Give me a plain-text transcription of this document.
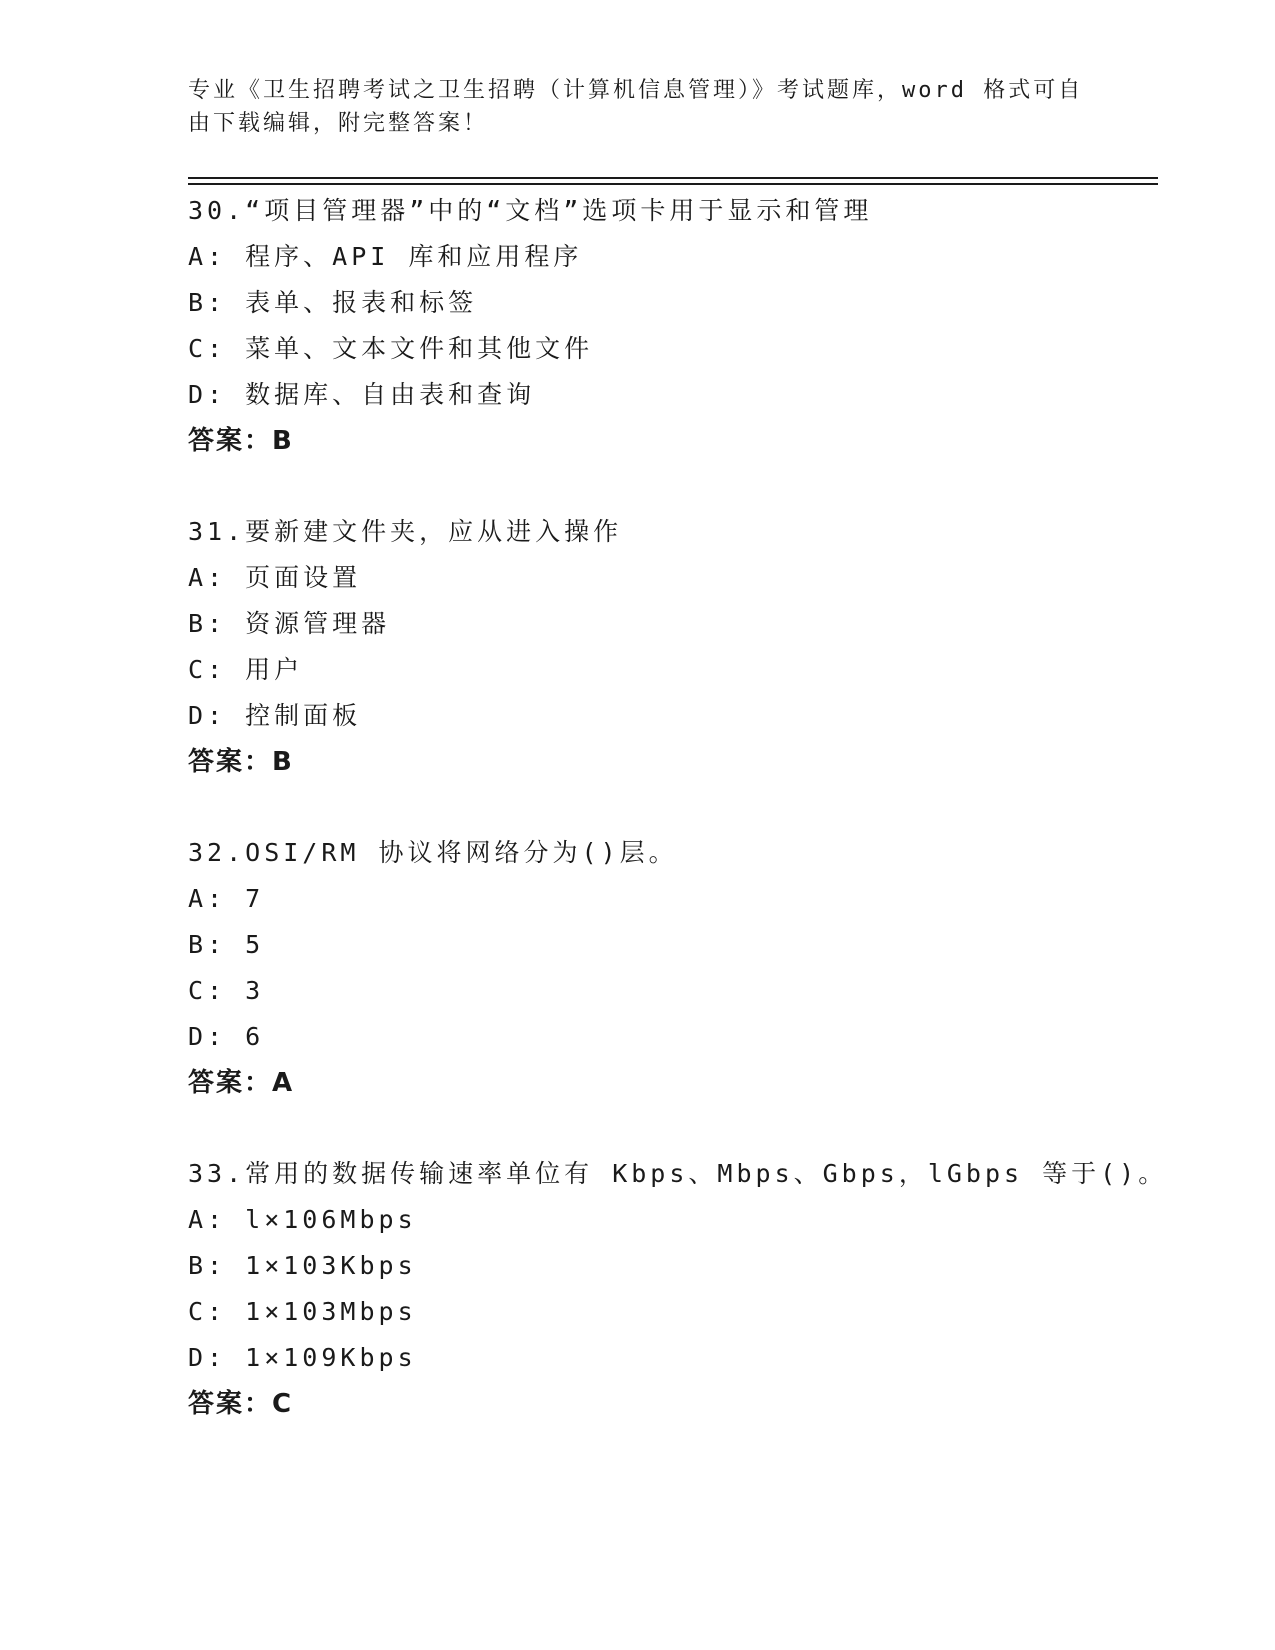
专业《卫生招聘考试之卫生招聘（计算机信息管理）》考试题库，word 格式可自
由下载编辑，附完整答案！
30.“项目管理器”中的“文档”选项卡用于显示和管理
A: 程序、API 库和应用程序
B: 表单、报表和标签
C: 菜单、文本文件和其他文件
D: 数据库、自由表和查询
答案：B
31.要新建文件夹，应从进入操作
A: 页面设置
B: 资源管理器
C: 用户
D: 控制面板
答案：B
32.OSI/RM 协议将网络分为()层。
A: 7
B: 5
C: 3
D: 6
答案：A
33.常用的数据传输速率单位有 Kbps、Mbps、Gbps，lGbps 等于()。
A: l×106Mbps
B: 1×103Kbps
C: 1×103Mbps
D: 1×109Kbps
答案：C
